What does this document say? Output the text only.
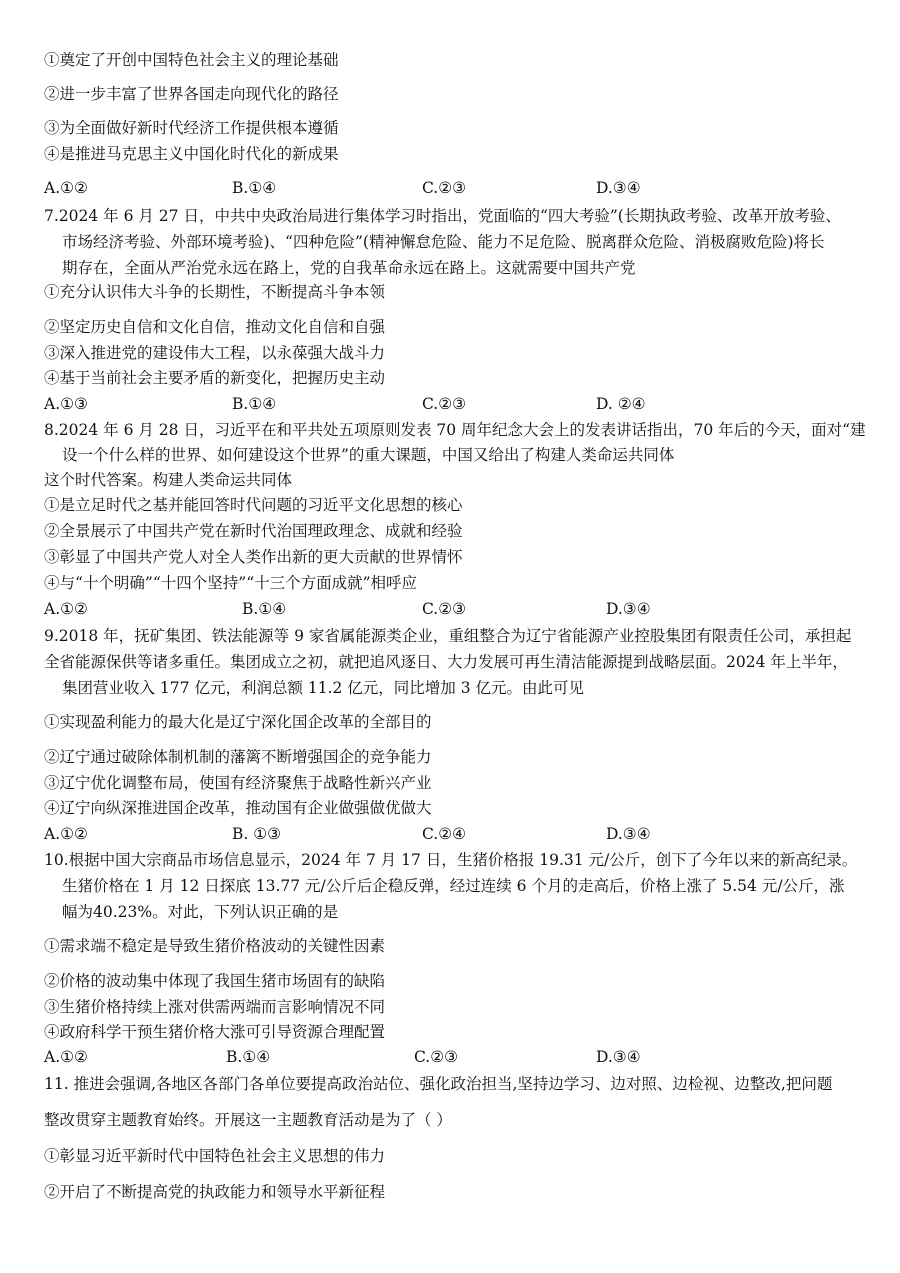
①奠定了开创中国特色社会主义的理论基础
②进一步丰富了世界各国走向现代化的路径
③为全面做好新时代经济工作提供根本遵循
④是推进马克思主义中国化时代化的新成果
A.①②	B.①④	C.②③	D.③④
7.2024 年 6 月 27 日，中共中央政治局进行集体学习时指出，党面临的“四大考验”(长期执政考验、改革开放考验、
市场经济考验、外部环境考验)、“四种危险”(精神懈怠危险、能力不足危险、脱离群众危险、消极腐败危险)将长
期存在，全面从严治党永远在路上，党的自我革命永远在路上。这就需要中国共产党
①充分认识伟大斗争的长期性，不断提高斗争本领
②坚定历史自信和文化自信，推动文化自信和自强
③深入推进党的建设伟大工程，以永葆强大战斗力
④基于当前社会主要矛盾的新变化，把握历史主动
A.①③	B.①④	C.②③	D. ②④
8.2024 年 6 月 28 日，习近平在和平共处五项原则发表 70 周年纪念大会上的发表讲话指出，70 年后的今天，面对“建
设一个什么样的世界、如何建设这个世界”的重大课题，中国又给出了构建人类命运共同体
这个时代答案。构建人类命运共同体
①是立足时代之基并能回答时代问题的习近平文化思想的核心
②全景展示了中国共产党在新时代治国理政理念、成就和经验
③彰显了中国共产党人对全人类作出新的更大贡献的世界情怀
④与“十个明确”“十四个坚持”“十三个方面成就”相呼应
A.①②	B.①④	C.②③	D.③④
9.2018 年，抚矿集团、铁法能源等 9 家省属能源类企业，重组整合为辽宁省能源产业控股集团有限责任公司，承担起
全省能源保供等诸多重任。集团成立之初，就把追风逐日、大力发展可再生清洁能源提到战略层面。2024 年上半年，
集团营业收入 177 亿元，利润总额 11.2 亿元，同比增加 3 亿元。由此可见
①实现盈利能力的最大化是辽宁深化国企改革的全部目的
②辽宁通过破除体制机制的藩篱不断增强国企的竞争能力
③辽宁优化调整布局，使国有经济聚焦于战略性新兴产业
④辽宁向纵深推进国企改革，推动国有企业做强做优做大
A.①②	B. ①③	C.②④	D.③④
10.根据中国大宗商品市场信息显示，2024 年 7 月 17 日，生猪价格报 19.31 元/公斤，创下了今年以来的新高纪录。
生猪价格在 1 月 12 日探底 13.77 元/公斤后企稳反弹，经过连续 6 个月的走高后，价格上涨了 5.54 元/公斤，涨
幅为40.23%。对此，下列认识正确的是
①需求端不稳定是导致生猪价格波动的关键性因素
②价格的波动集中体现了我国生猪市场固有的缺陷
③生猪价格持续上涨对供需两端而言影响情况不同
④政府科学干预生猪价格大涨可引导资源合理配置
A.①②	B.①④	C.②③	D.③④
11. 推进会强调,各地区各部门各单位要提高政治站位、强化政治担当,坚持边学习、边对照、边检视、边整改,把问题
整改贯穿主题教育始终。开展这一主题教育活动是为了（ ）
①彰显习近平新时代中国特色社会主义思想的伟力
②开启了不断提高党的执政能力和领导水平新征程
